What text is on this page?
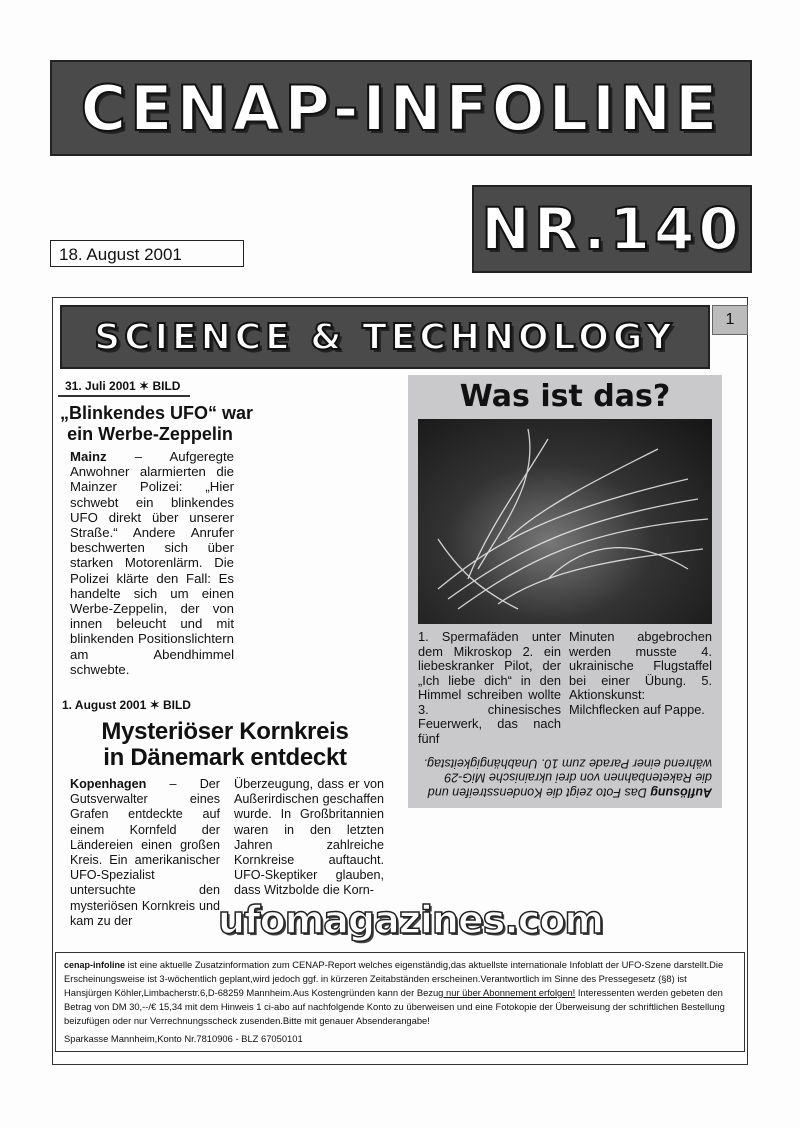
CENAP-INFOLINE
NR.140
18. August 2001
SCIENCE & TECHNOLOGY	1
31. Juli 2001 ✶ BILD
„Blinkendes UFO“ war
ein Werbe-Zeppelin
Mainz – Aufgeregte Anwohner alarmierten die Mainzer Polizei: „Hier schwebt ein blinkendes UFO direkt über unserer Straße.“ Andere Anrufer beschwerten sich über starken Motorenlärm. Die Polizei klärte den Fall: Es handelte sich um einen Werbe-Zeppelin, der von innen beleucht und mit blinkenden Positionslichtern am Abendhimmel schwebte.
1. August 2001 ✶ BILD
Mysteriöser Kornkreis
in Dänemark entdeckt
Kopenhagen – Der Gutsverwalter eines Grafen entdeckte auf einem Kornfeld der Ländereien einen großen Kreis. Ein amerikanischer UFO-Spezialist untersuchte den mysteriösen Kornkreis und kam zu der
Überzeugung, dass er von Außerirdischen geschaffen wurde. In Großbritannien waren in den letzten Jahren zahlreiche Kornkreise auftaucht. UFO-Skeptiker glauben, dass Witzbolde die Korn-
Was ist das?
1. Spermafäden unter dem Mikroskop 2. ein liebeskranker Pilot, der „Ich liebe dich“ in den Himmel schreiben wollte 3. chinesisches Feuerwerk, das nach fünf
Minuten abgebrochen werden musste 4. ukrainische Flugstaffel bei einer Übung. 5. Aktionskunst: Milchflecken auf Pappe.
Auflösung Das Foto zeigt die Kondensstreifen und die Raketenbahnen von drei ukrainische MiG-29 während einer Parade zum 10. Unabhängigkeitstag.
ufomagazines.com
cenap-infoline ist eine aktuelle Zusatzinformation zum CENAP-Report welches eigenständig,das aktuellste internationale Infoblatt der UFO-Szene darstellt.Die Erscheinungsweise ist 3-wöchentlich geplant,wird jedoch ggf. in kürzeren Zeitabständen erscheinen.Verantwortlich im Sinne des Pressegesetz (§8) ist Hansjürgen Köhler,Limbacherstr.6,D-68259 Mannheim.Aus Kostengründen kann der Bezug nur über Abonnement erfolgen! Interessenten werden gebeten den Betrag von DM 30,--/€ 15,34 mit dem Hinweis 1 ci-abo auf nachfolgende Konto zu überweisen und eine Fotokopie der Überweisung der schriftlichen Bestellung beizufügen oder nur Verrechnungsscheck zusenden.Bitte mit genauer Absenderangabe!
Sparkasse Mannheim,Konto Nr.7810906 - BLZ 67050101
